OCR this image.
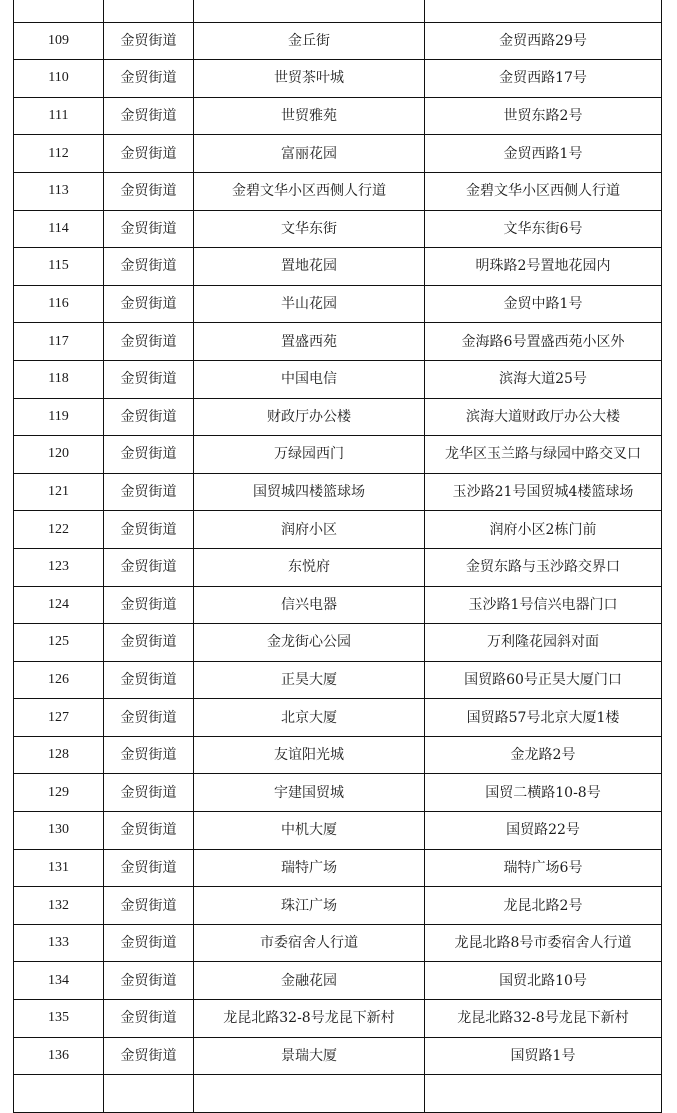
109	金贸街道	金丘街	金贸西路29号
110	金贸街道	世贸茶叶城	金贸西路17号
111	金贸街道	世贸雅苑	世贸东路2号
112	金贸街道	富丽花园	金贸西路1号
113	金贸街道	金碧文华小区西侧人行道	金碧文华小区西侧人行道
114	金贸街道	文华东街	文华东街6号
115	金贸街道	置地花园	明珠路2号置地花园内
116	金贸街道	半山花园	金贸中路1号
117	金贸街道	置盛西苑	金海路6号置盛西苑小区外
118	金贸街道	中国电信	滨海大道25号
119	金贸街道	财政厅办公楼	滨海大道财政厅办公大楼
120	金贸街道	万绿园西门	龙华区玉兰路与绿园中路交叉口
121	金贸街道	国贸城四楼篮球场	玉沙路21号国贸城4楼篮球场
122	金贸街道	润府小区	润府小区2栋门前
123	金贸街道	东悦府	金贸东路与玉沙路交界口
124	金贸街道	信兴电器	玉沙路1号信兴电器门口
125	金贸街道	金龙街心公园	万利隆花园斜对面
126	金贸街道	正昊大厦	国贸路60号正昊大厦门口
127	金贸街道	北京大厦	国贸路57号北京大厦1楼
128	金贸街道	友谊阳光城	金龙路2号
129	金贸街道	宇建国贸城	国贸二横路10-8号
130	金贸街道	中机大厦	国贸路22号
131	金贸街道	瑞特广场	瑞特广场6号
132	金贸街道	珠江广场	龙昆北路2号
133	金贸街道	市委宿舍人行道	龙昆北路8号市委宿舍人行道
134	金贸街道	金融花园	国贸北路10号
135	金贸街道	龙昆北路32-8号龙昆下新村	龙昆北路32-8号龙昆下新村
136	金贸街道	景瑞大厦	国贸路1号
